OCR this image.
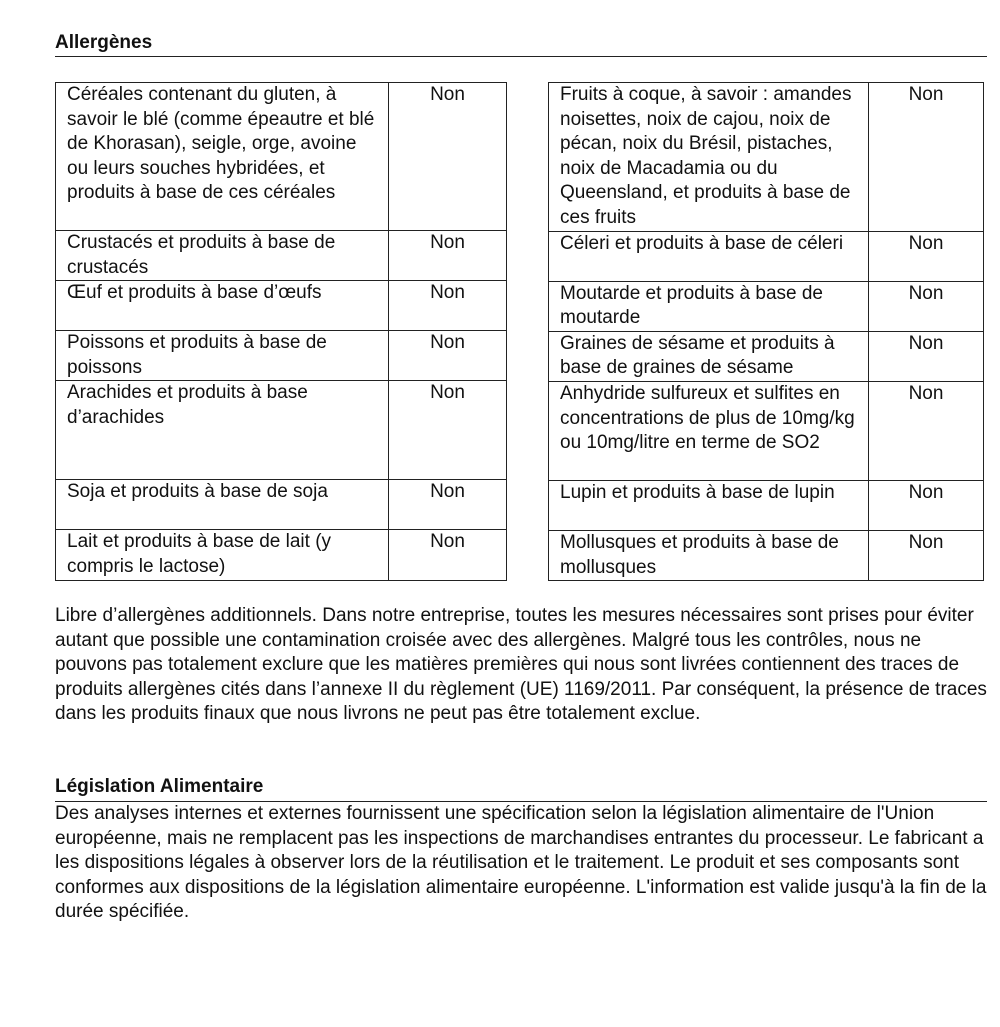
Allergènes
Céréales contenant du gluten, à savoir le blé (comme épeautre et blé de Khorasan), seigle, orge, avoine ou leurs souches hybridées, et produits à base de ces céréales	Non
Crustacés et produits à base de crustacés	Non
Œuf et produits à base d’œufs	Non
Poissons et produits à base de poissons	Non
Arachides et produits à base d’arachides	Non
Soja et produits à base de soja	Non
Lait et produits à base de lait (y compris le lactose)	Non
Fruits à coque, à savoir : amandes noisettes, noix de cajou, noix de pécan, noix du Brésil, pistaches, noix de Macadamia ou du Queensland, et produits à base de ces fruits	Non
Céleri et produits à base de céleri	Non
Moutarde et produits à base de moutarde	Non
Graines de sésame et produits à base de graines de sésame	Non
Anhydride sulfureux et sulfites en concentrations de plus de 10mg/kg ou 10mg/litre en terme de SO2	Non
Lupin et produits à base de lupin	Non
Mollusques et produits à base de mollusques	Non

Libre d’allergènes additionnels. Dans notre entreprise, toutes les mesures nécessaires sont prises pour éviter autant que possible une contamination croisée avec des allergènes. Malgré tous les contrôles, nous ne pouvons pas totalement exclure que les matières premières qui nous sont livrées contiennent des traces de produits allergènes cités dans l’annexe II du règlement (UE) 1169/2011. Par conséquent, la présence de traces dans les produits finaux que nous livrons ne peut pas être totalement exclue.

Législation Alimentaire

Des analyses internes et externes fournissent une spécification selon la législation alimentaire de l'Union européenne, mais ne remplacent pas les inspections de marchandises entrantes du processeur. Le fabricant a les dispositions légales à observer lors de la réutilisation et le traitement. Le produit et ses composants sont conformes aux dispositions de la législation alimentaire européenne. L'information est valide jusqu'à la fin de la durée spécifiée.
